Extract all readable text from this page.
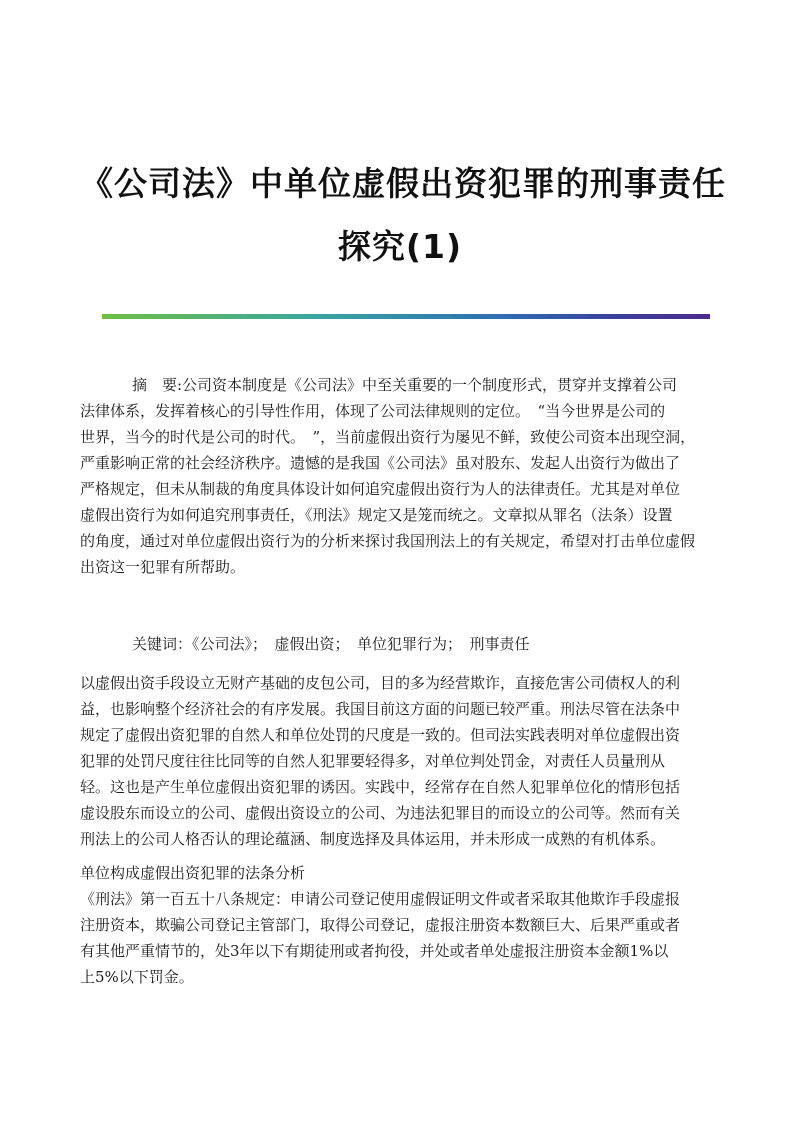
《公司法》中单位虚假出资犯罪的刑事责任
探究(1)
摘　要:公司资本制度是《公司法》中至关重要的一个制度形式，贯穿并支撑着公司
法律体系，发挥着核心的引导性作用，体现了公司法律规则的定位。　“当今世界是公司的
世界，当今的时代是公司的时代。　”，当前虚假出资行为屡见不鲜，致使公司资本出现空洞，
严重影响正常的社会经济秩序。遗憾的是我国《公司法》虽对股东、发起人出资行为做出了
严格规定，但未从制裁的角度具体设计如何追究虚假出资行为人的法律责任。尤其是对单位
虚假出资行为如何追究刑事责任，《刑法》规定又是笼而统之。文章拟从罪名（法条）设置
的角度，通过对单位虚假出资行为的分析来探讨我国刑法上的有关规定，希望对打击单位虚假
出资这一犯罪有所帮助。
关键词：《公司法》；　虚假出资；　单位犯罪行为；　刑事责任
以虚假出资手段设立无财产基础的皮包公司，目的多为经营欺诈，直接危害公司债权人的利
益，也影响整个经济社会的有序发展。我国目前这方面的问题已较严重。刑法尽管在法条中
规定了虚假出资犯罪的自然人和单位处罚的尺度是一致的。但司法实践表明对单位虚假出资
犯罪的处罚尺度往往比同等的自然人犯罪要轻得多，对单位判处罚金，对责任人员量刑从
轻。这也是产生单位虚假出资犯罪的诱因。实践中，经常存在自然人犯罪单位化的情形包括
虚设股东而设立的公司、虚假出资设立的公司、为违法犯罪目的而设立的公司等。然而有关
刑法上的公司人格否认的理论蕴涵、制度选择及具体运用，并未形成一成熟的有机体系。
单位构成虚假出资犯罪的法条分析
《刑法》第一百五十八条规定：申请公司登记使用虚假证明文件或者采取其他欺诈手段虚报
注册资本，欺骗公司登记主管部门，取得公司登记，虚报注册资本数额巨大、后果严重或者
有其他严重情节的，处3年以下有期徒刑或者拘役，并处或者单处虚报注册资本金额1%以
上5%以下罚金。
